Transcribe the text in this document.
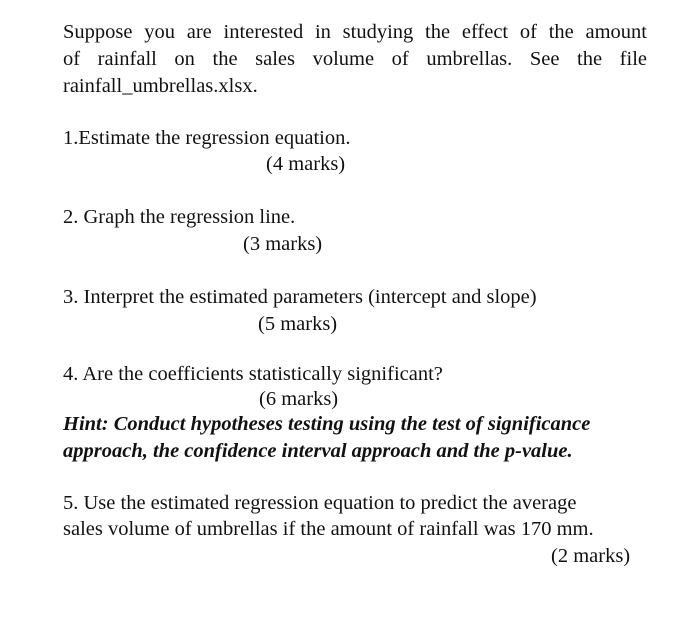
Suppose you are interested in studying the effect of the amount
of rainfall on the sales volume of umbrellas. See the file
rainfall_umbrellas.xlsx.
1.Estimate the regression equation.
(4 marks)
2. Graph the regression line.
(3 marks)
3. Interpret the estimated parameters (intercept and slope)
(5 marks)
4. Are the coefficients statistically significant?
(6 marks)
Hint: Conduct hypotheses testing using the test of significance
approach, the confidence interval approach and the p-value.
5. Use the estimated regression equation to predict the average
sales volume of umbrellas if the amount of rainfall was 170 mm.
(2 marks)
